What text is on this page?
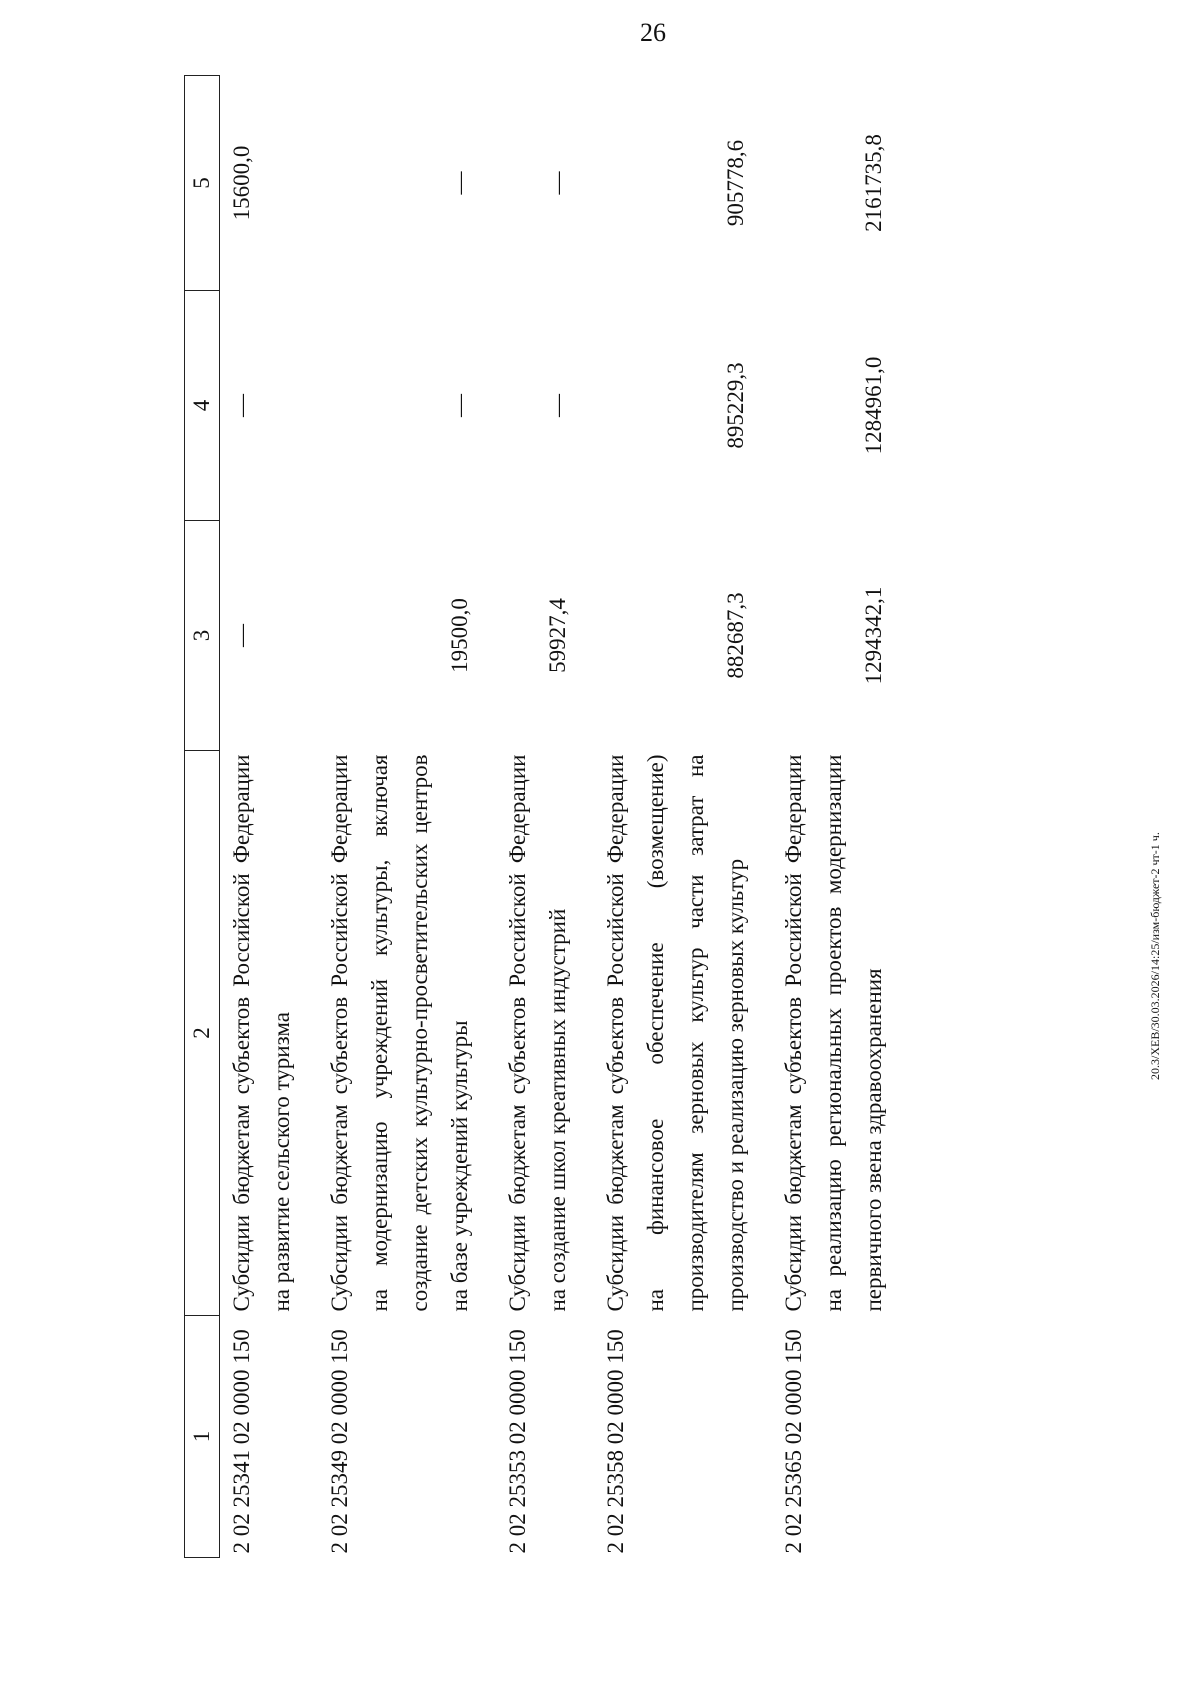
26
20.3/XEB/30.03.2026/14:25/изм-бюджет-2 чт-1 ч.
1	2	3	4	5
2 02 25341 02 0000 150	Субсидии бюджетам субъектов Российской Федерации на развитие сельского туризма	—	—	15600,0
2 02 25349 02 0000 150	Субсидии бюджетам субъектов Российской Федерации на модернизацию учреждений культуры, включая создание детских культурно-просветительских центров на базе учреждений культуры	19500,0	—	—
2 02 25353 02 0000 150	Субсидии бюджетам субъектов Российской Федерации на создание школ креативных индустрий	59927,4	—	—
2 02 25358 02 0000 150	Субсидии бюджетам субъектов Российской Федерации на финансовое обеспечение (возмещение) производителям зерновых культур части затрат на производство и реализацию зерновых культур	882687,3	895229,3	905778,6
2 02 25365 02 0000 150	Субсидии бюджетам субъектов Российской Федерации на реализацию региональных проектов модернизации первичного звена здравоохранения	1294342,1	1284961,0	2161735,8
